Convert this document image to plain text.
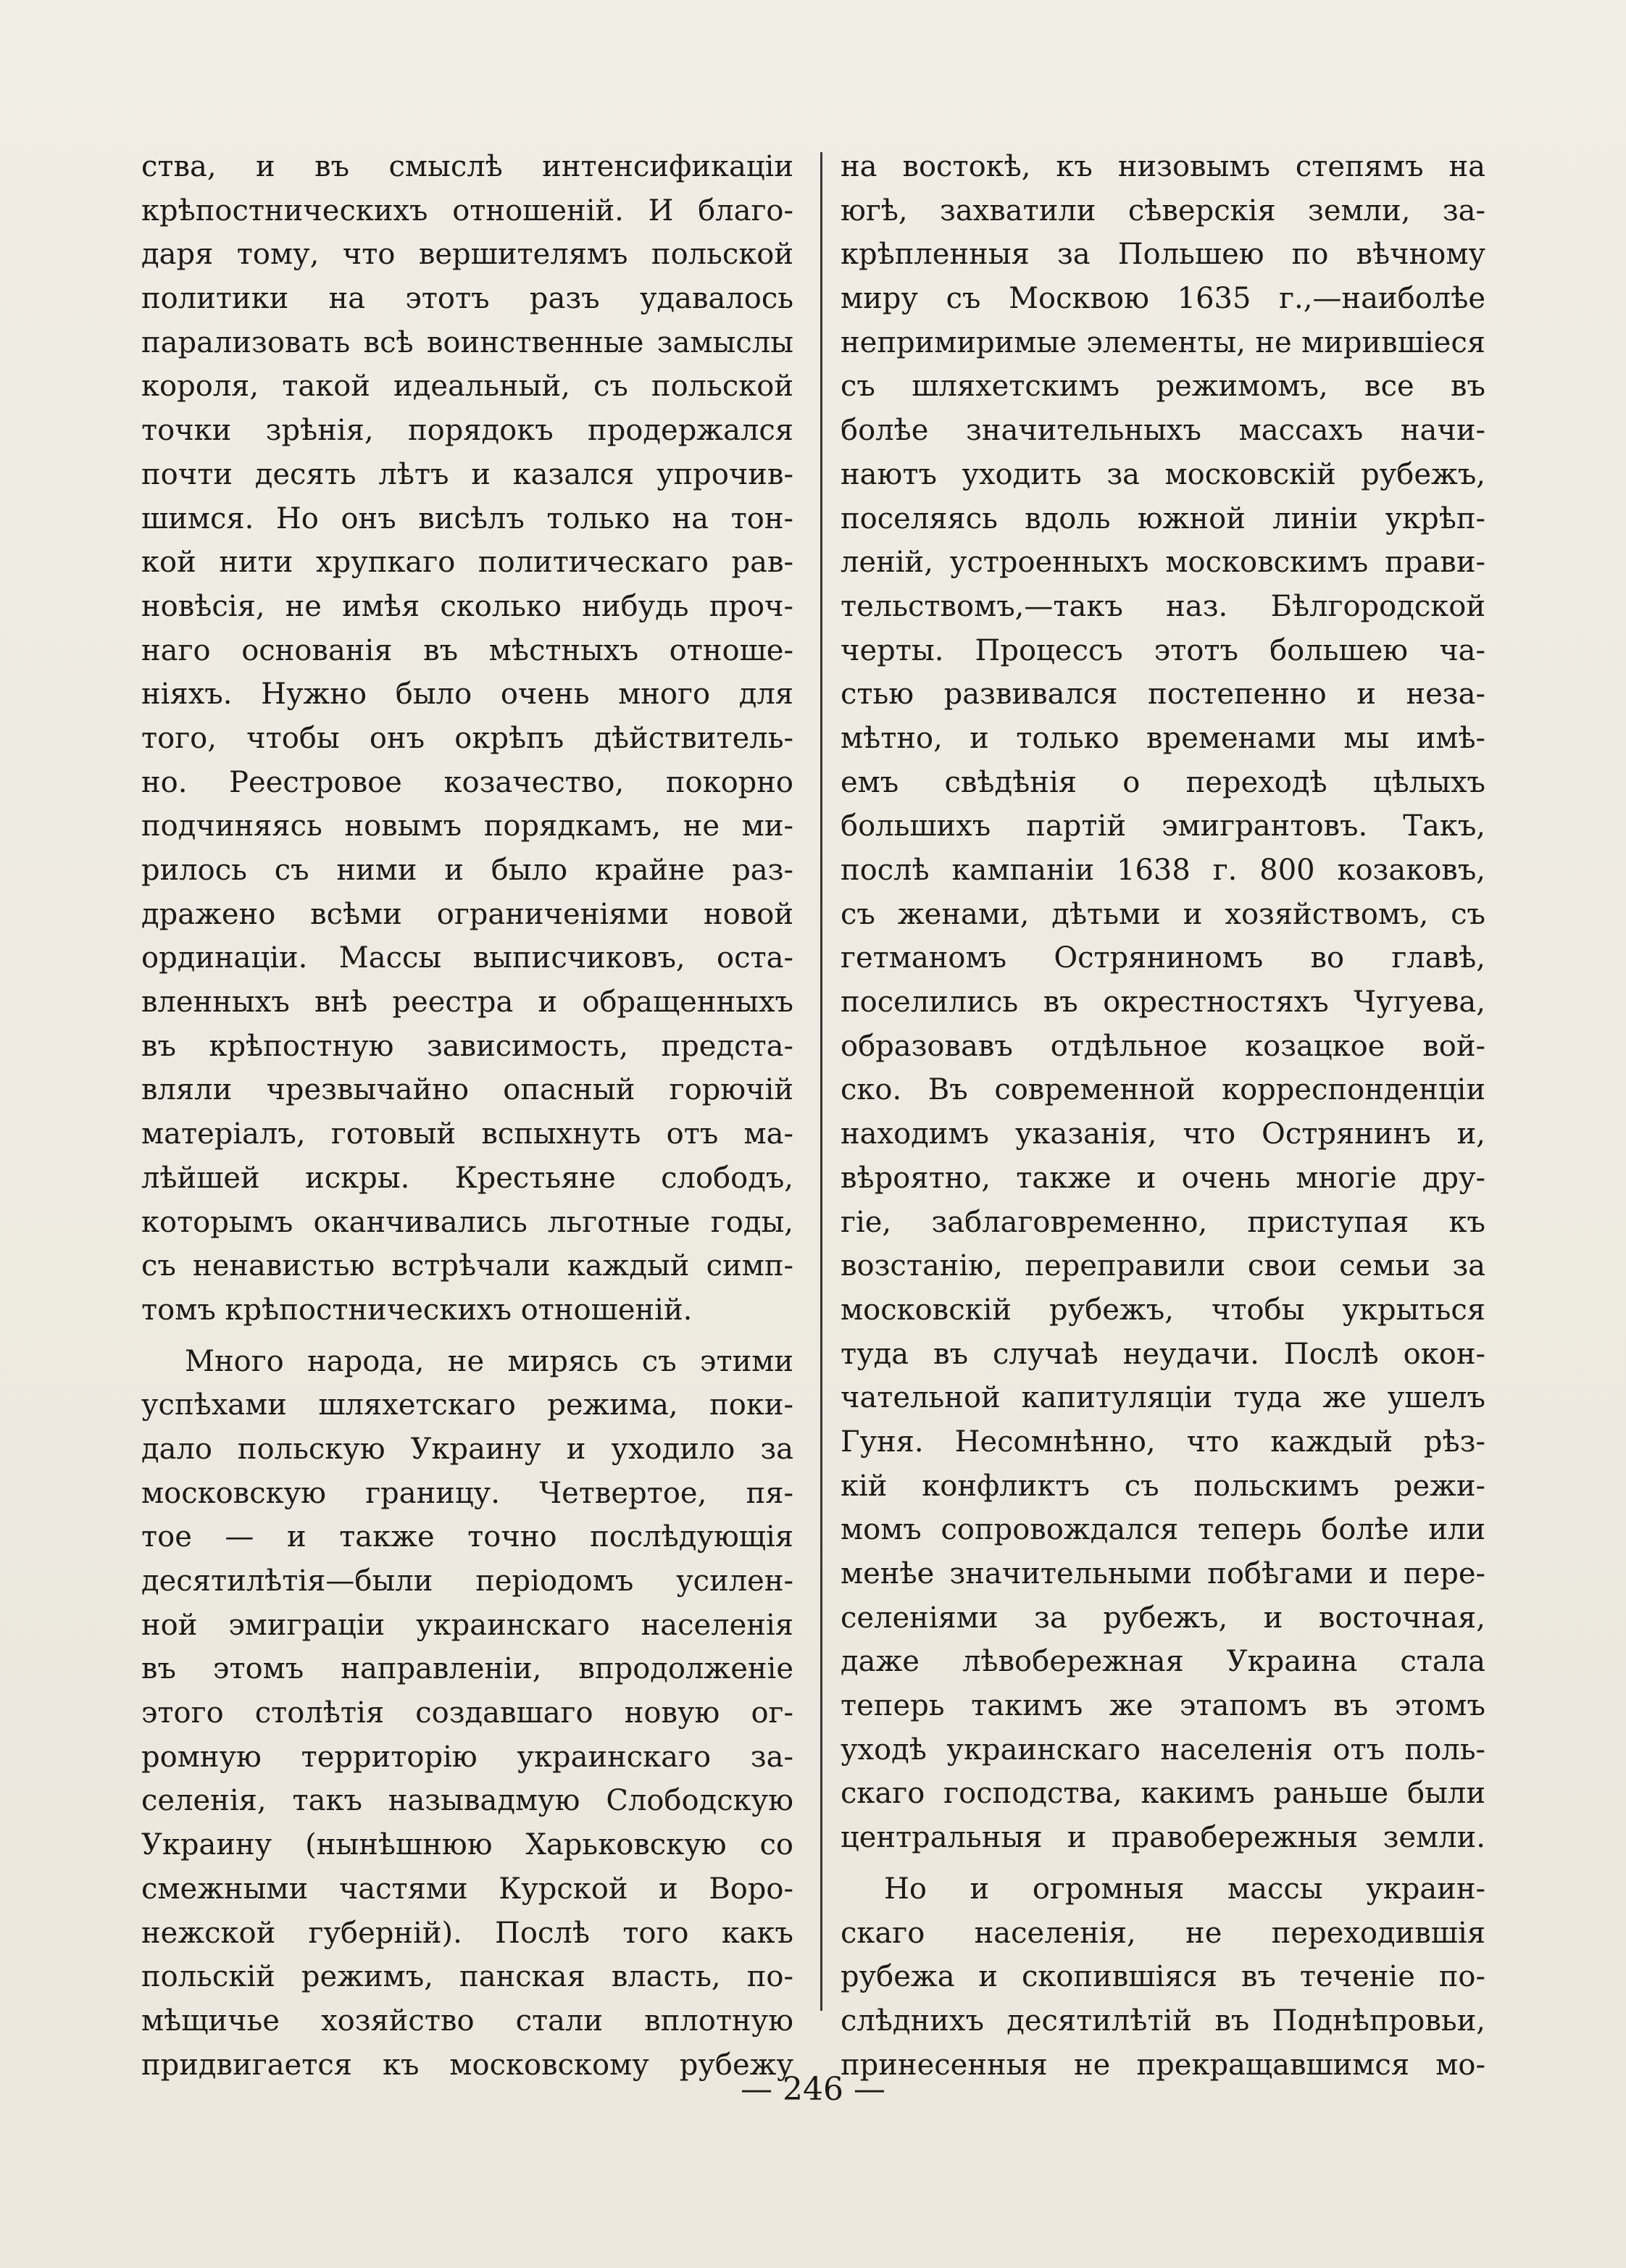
ства, и въ смыслѣ интенсификаціи
крѣпостническихъ отношеній. И благо-
даря тому, что вершителямъ польской
политики на этотъ разъ удавалось
парализовать всѣ воинственные замыслы
короля, такой идеальный, съ польской
точки зрѣнія, порядокъ продержался
почти десять лѣтъ и казался упрочив-
шимся. Но онъ висѣлъ только на тон-
кой нити хрупкаго политическаго рав-
новѣсія, не имѣя сколько нибудь проч-
наго основанія въ мѣстныхъ отноше-
ніяхъ. Нужно было очень много для
того, чтобы онъ окрѣпъ дѣйствитель-
но. Реестровое козачество, покорно
подчиняясь новымъ порядкамъ, не ми-
рилось съ ними и было крайне раз-
дражено всѣми ограниченіями новой
ординаціи. Массы выписчиковъ, оста-
вленныхъ внѣ реестра и обращенныхъ
въ крѣпостную зависимость, предста-
вляли чрезвычайно опасный горючій
матеріалъ, готовый вспыхнуть отъ ма-
лѣйшей искры. Крестьяне слободъ,
которымъ оканчивались льготные годы,
съ ненавистью встрѣчали каждый симп-
томъ крѣпостническихъ отношеній.
Много народа, не мирясь съ этими
успѣхами шляхетскаго режима, поки-
дало польскую Украину и уходило за
московскую границу. Четвертое, пя-
тое — и также точно послѣдующія
десятилѣтія—были періодомъ усилен-
ной эмиграціи украинскаго населенія
въ этомъ направленіи, впродолженіе
этого столѣтія создавшаго новую ог-
ромную территорію украинскаго за-
селенія, такъ называдмую Слободскую
Украину (нынѣшнюю Харьковскую со
смежными частями Курской и Воро-
нежской губерній). Послѣ того какъ
польскій режимъ, панская власть, по-
мѣщичье хозяйство стали вплотную
придвигается къ московскому рубежу
на востокѣ, къ низовымъ степямъ на
югѣ, захватили сѣверскія земли, за-
крѣпленныя за Польшею по вѣчному
миру съ Москвою 1635 г.,—наиболѣе
непримиримые элементы, не мирившіеся
съ шляхетскимъ режимомъ, все въ
болѣе значительныхъ массахъ начи-
наютъ уходить за московскій рубежъ,
поселяясь вдоль южной линіи укрѣп-
леній, устроенныхъ московскимъ прави-
тельствомъ,—такъ наз. Бѣлгородской
черты. Процессъ этотъ большею ча-
стью развивался постепенно и неза-
мѣтно, и только временами мы имѣ-
емъ свѣдѣнія о переходѣ цѣлыхъ
большихъ партій эмигрантовъ. Такъ,
послѣ кампаніи 1638 г. 800 козаковъ,
съ женами, дѣтьми и хозяйствомъ, съ
гетманомъ Остряниномъ во главѣ,
поселились въ окрестностяхъ Чугуева,
образовавъ отдѣльное козацкое вой-
ско. Въ современной корреспонденціи
находимъ указанія, что Острянинъ и,
вѣроятно, также и очень многіе дру-
гіе, заблаговременно, приступая къ
возстанію, переправили свои семьи за
московскій рубежъ, чтобы укрыться
туда въ случаѣ неудачи. Послѣ окон-
чательной капитуляціи туда же ушелъ
Гуня. Несомнѣнно, что каждый рѣз-
кій конфликтъ съ польскимъ режи-
момъ сопровождался теперь болѣе или
менѣе значительными побѣгами и пере-
селеніями за рубежъ, и восточная,
даже лѣвобережная Украина стала
теперь такимъ же этапомъ въ этомъ
уходѣ украинскаго населенія отъ поль-
скаго господства, какимъ раньше были
центральныя и правобережныя земли.
Но и огромныя массы украин-
скаго населенія, не переходившія
рубежа и скопившіяся въ теченіе по-
слѣднихъ десятилѣтій въ Поднѣпровьи,
принесенныя не прекращавшимся мо-
— 246 —
